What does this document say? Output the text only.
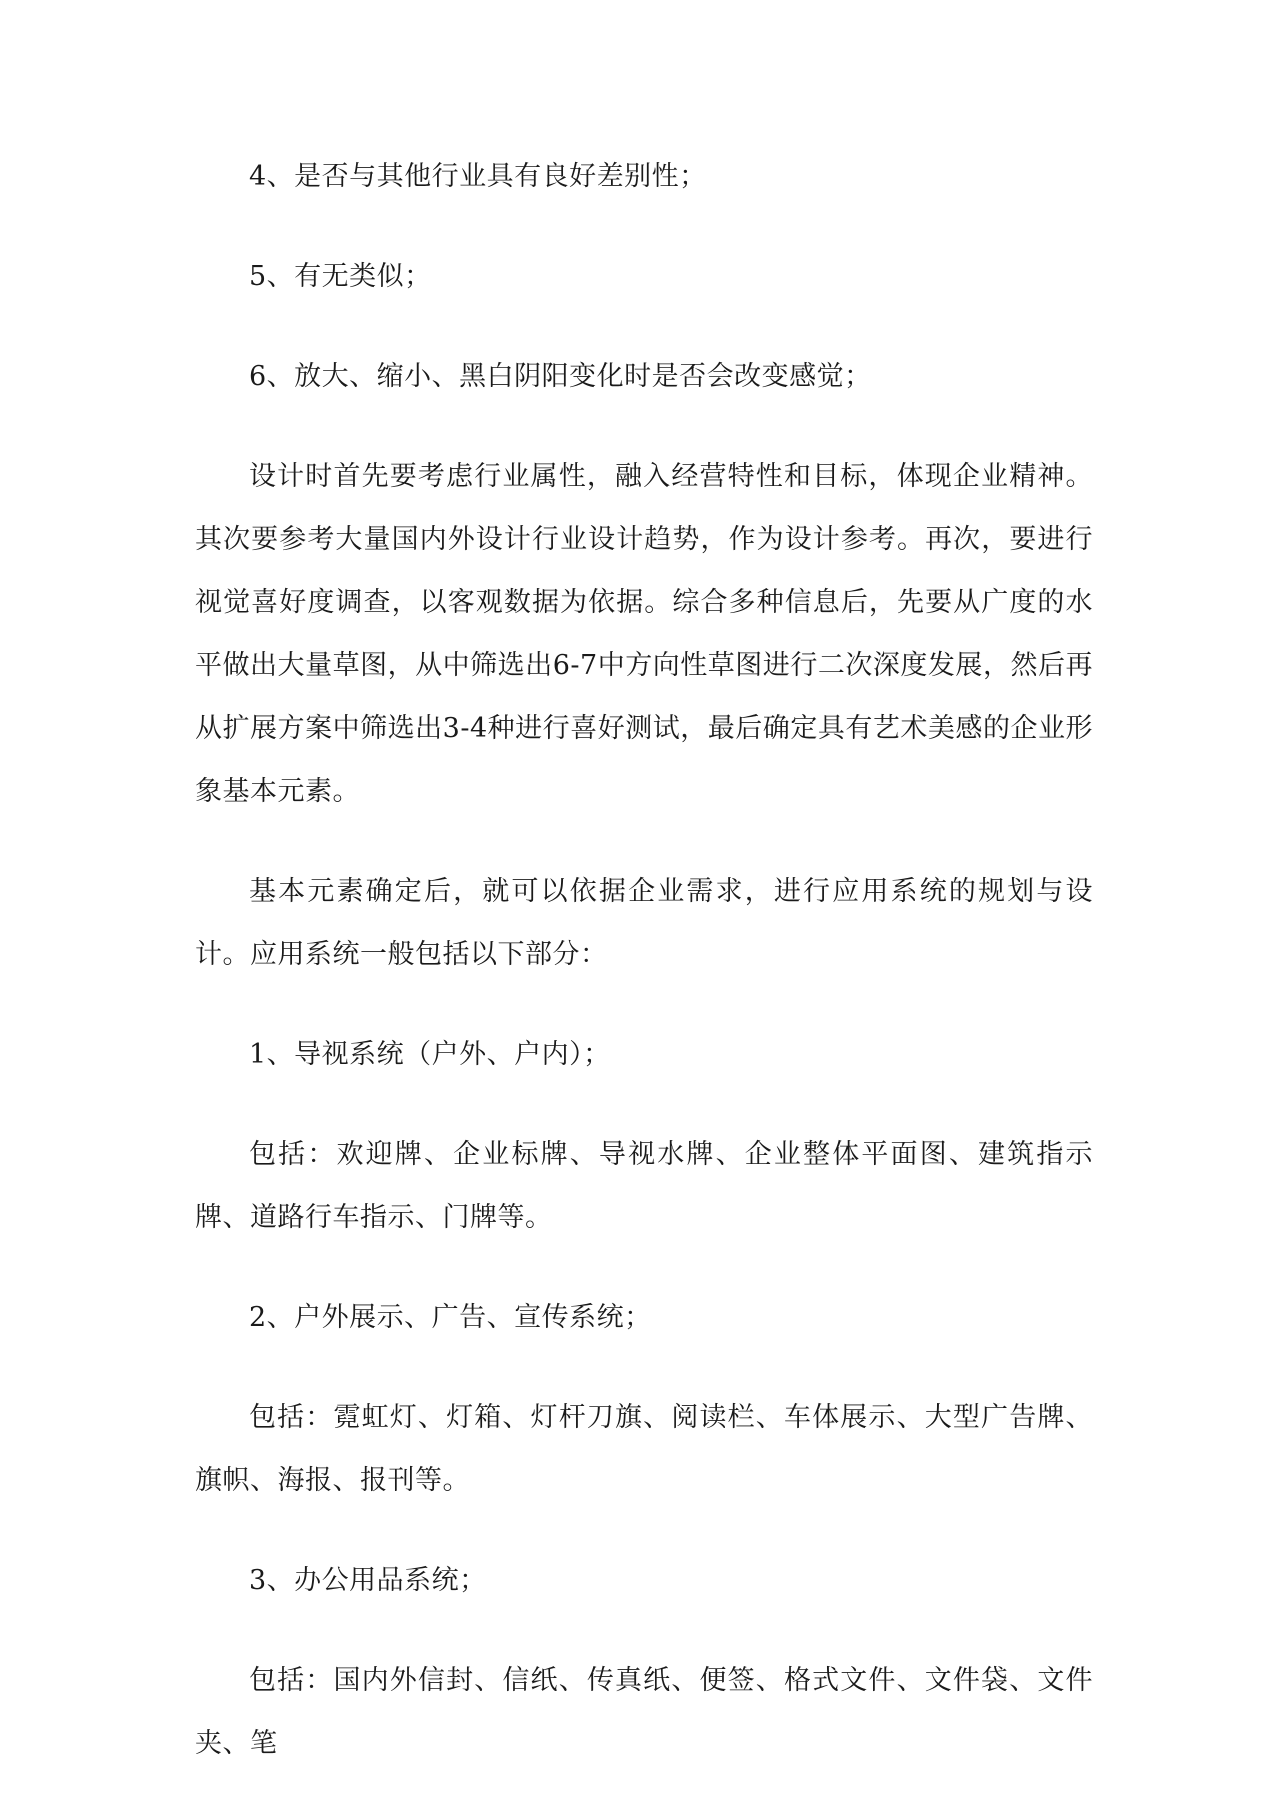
4、是否与其他行业具有良好差别性；

5、有无类似；

6、放大、缩小、黑白阴阳变化时是否会改变感觉；

设计时首先要考虑行业属性，融入经营特性和目标，体现企业精神。其次要参考大量国内外设计行业设计趋势，作为设计参考。再次，要进行视觉喜好度调查，以客观数据为依据。综合多种信息后，先要从广度的水平做出大量草图，从中筛选出6-7中方向性草图进行二次深度发展，然后再从扩展方案中筛选出3-4种进行喜好测试，最后确定具有艺术美感的企业形象基本元素。

基本元素确定后，就可以依据企业需求，进行应用系统的规划与设计。应用系统一般包括以下部分：

1、导视系统（户外、户内）；

包括：欢迎牌、企业标牌、导视水牌、企业整体平面图、建筑指示牌、道路行车指示、门牌等。

2、户外展示、广告、宣传系统；

包括：霓虹灯、灯箱、灯杆刀旗、阅读栏、车体展示、大型广告牌、旗帜、海报、报刊等。

3、办公用品系统；

包括：国内外信封、信纸、传真纸、便签、格式文件、文件袋、文件夹、笔
